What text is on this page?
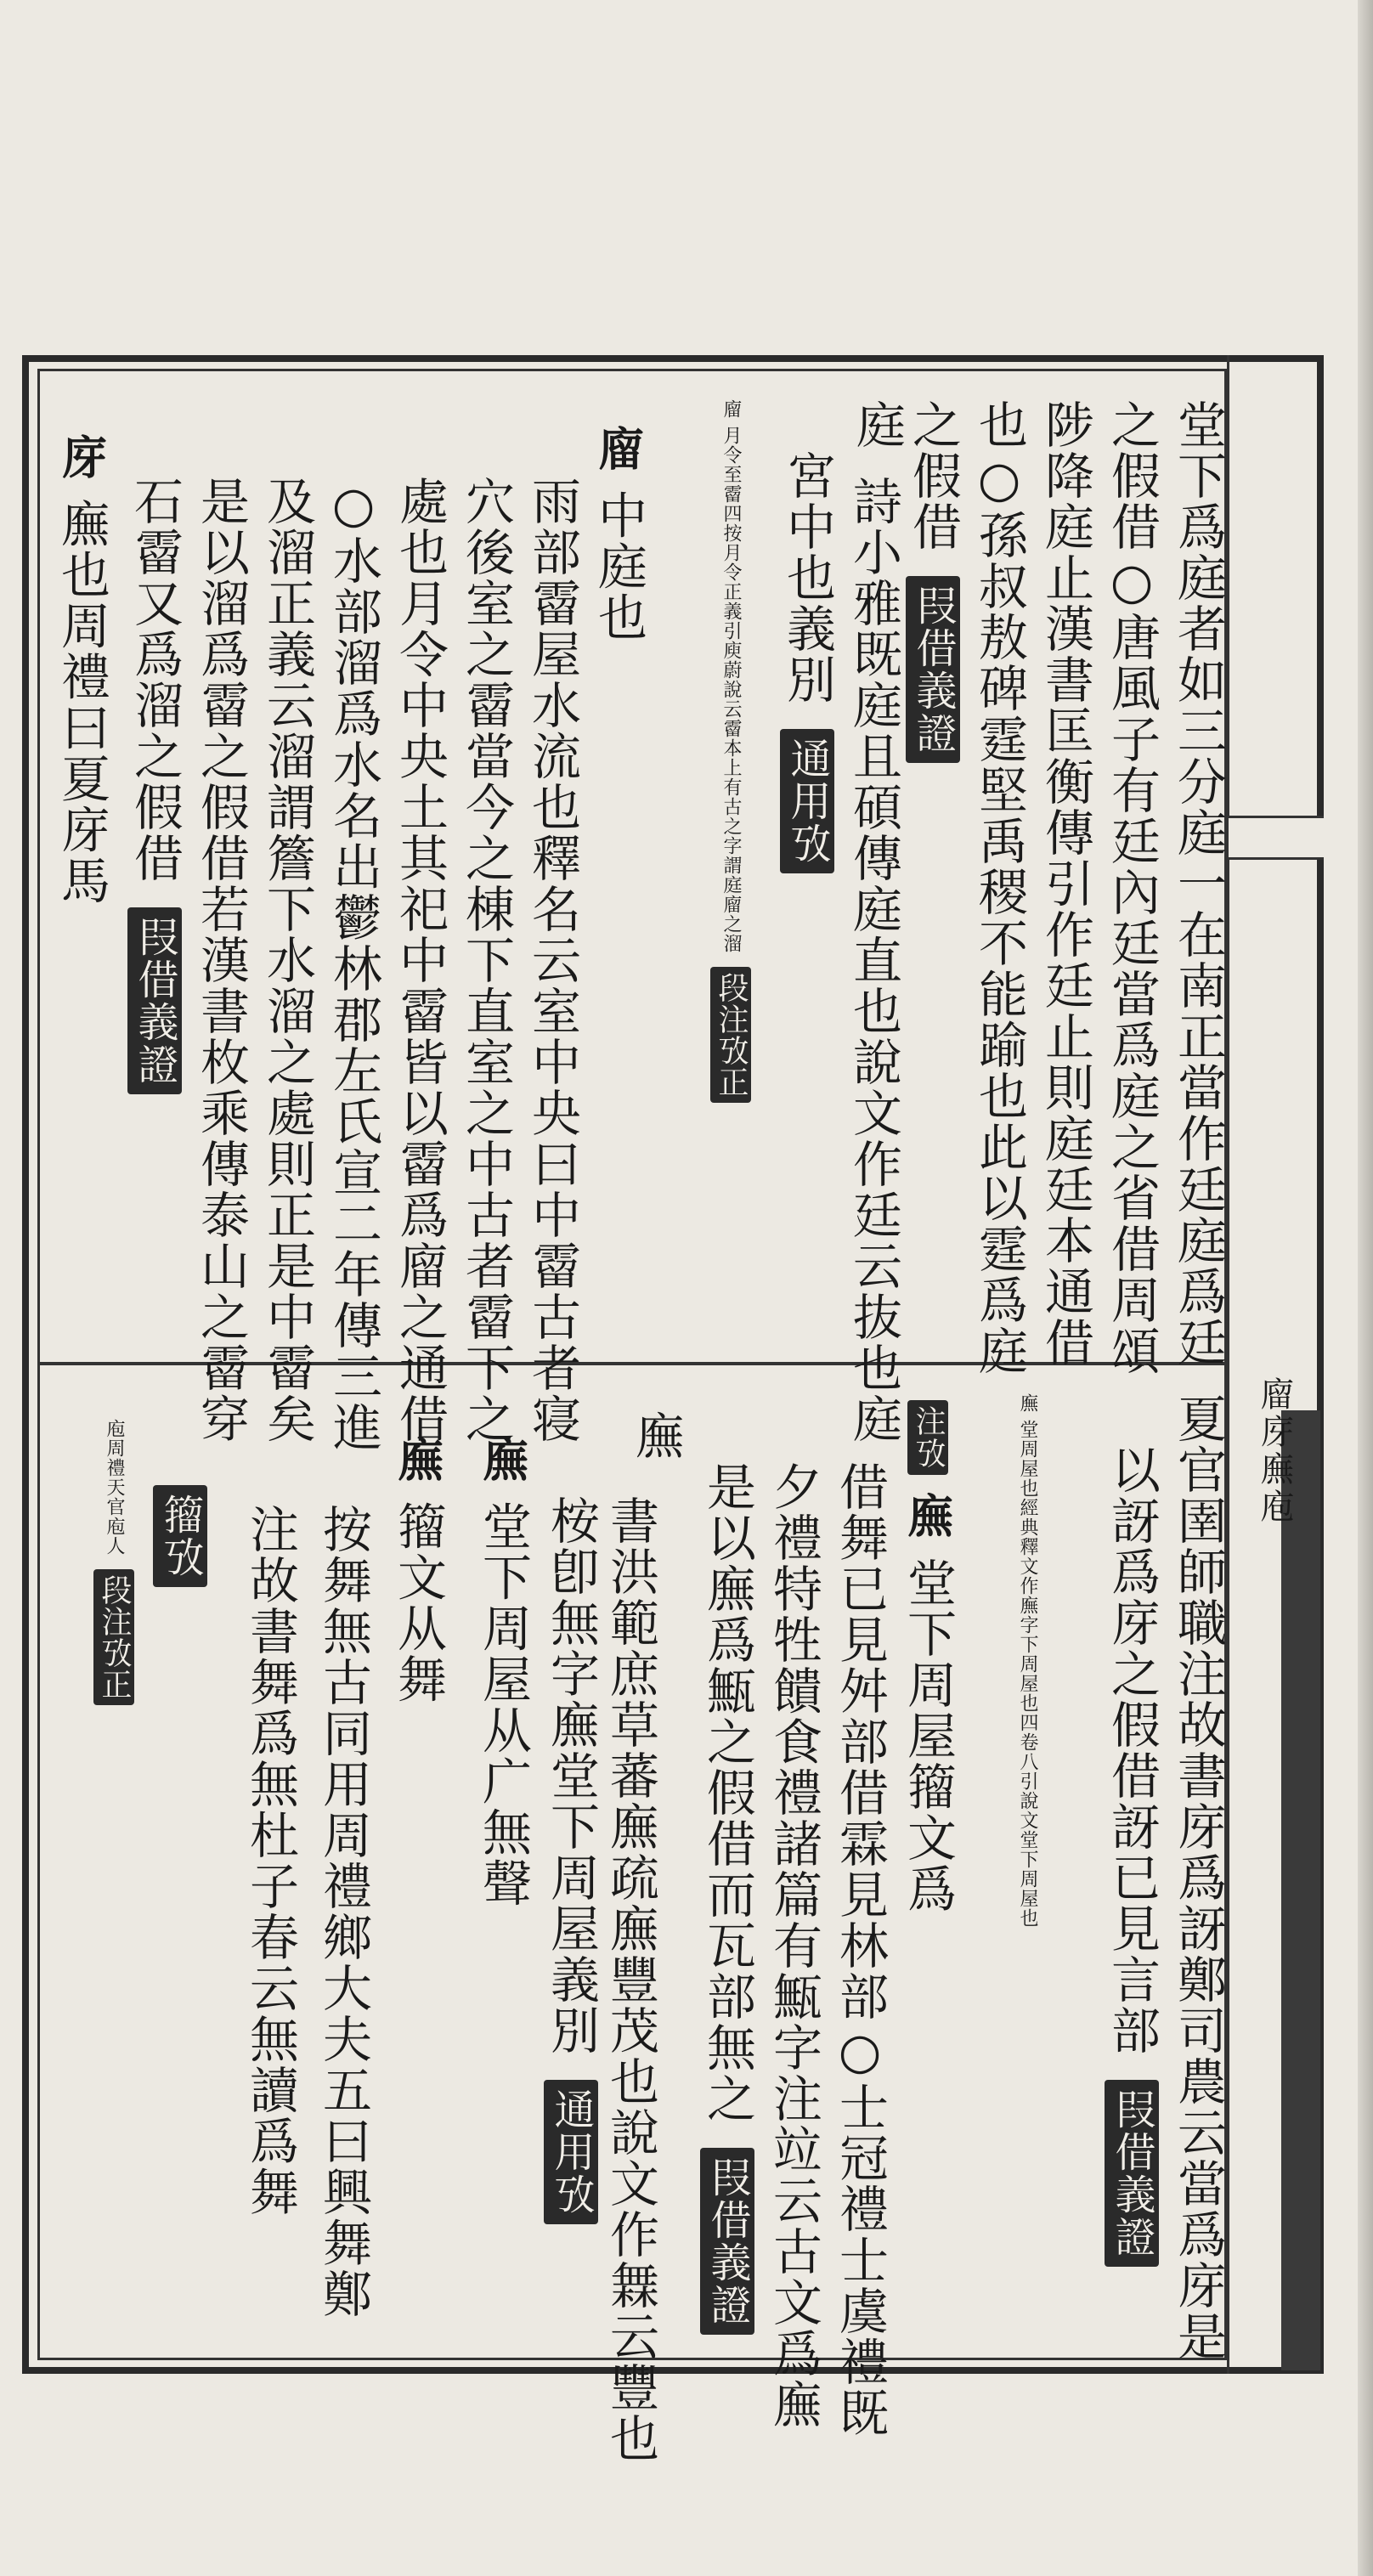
廇庌廡庖
堂下爲庭者如三分庭一在南正當作廷庭爲廷
之假借○唐風子有廷內廷當爲庭之省借周頌
陟降庭止漢書匡衡傳引作廷止則庭廷本通借
也○孫叔敖碑霆堅禹稷不能踰也此以霆爲庭
之假借 叚借義證
庭
詩小雅既庭且碩傳庭直也說文作廷云抜也庭
宮中也義別 通用攷
廇 月令至霤四按月令正義引庾蔚說云霤本上有古之字謂庭廇之溜 段注攷正
廇 中庭也
雨部霤屋水流也釋名云室中央曰中霤古者寝
穴後室之霤當今之棟下直室之中古者霤下之
處也月令中央土其祀中霤皆以霤爲廇之通借
○水部溜爲水名出鬱林郡左氏宣二年傳三進
及溜正義云溜謂簷下水溜之處則正是中霤矣
是以溜爲霤之假借若漢書枚乘傳泰山之霤穿
石霤又爲溜之假借 叚借義證
庌 廡也周禮曰夏庌馬
夏官圉師職注故書庌爲訝鄭司農云當爲庌是
以訝爲庌之假借訝已見言部 叚借義證
廡 堂周屋也經典釋文作廡字下周屋也四卷八引說文堂下周屋也
注攷 廡 堂下周屋籀文爲
借舞已見舛部借霖見林部○士冠禮士虞禮既
夕禮特牲饋食禮諸篇有甒字注竝云古文爲廡
是以廡爲甒之假借而瓦部無之 叚借義證
廡
書洪範庶草蕃廡疏廡豐茂也說文作橆云豐也
桉卽無字廡堂下周屋義別 通用攷
廡 堂下周屋从广無聲
廡 籀文从舞
按舞無古同用周禮鄉大夫五曰興舞鄭
注故書舞爲無杜子春云無讀爲舞
籀攷
庖周禮天官庖人 段注攷正
